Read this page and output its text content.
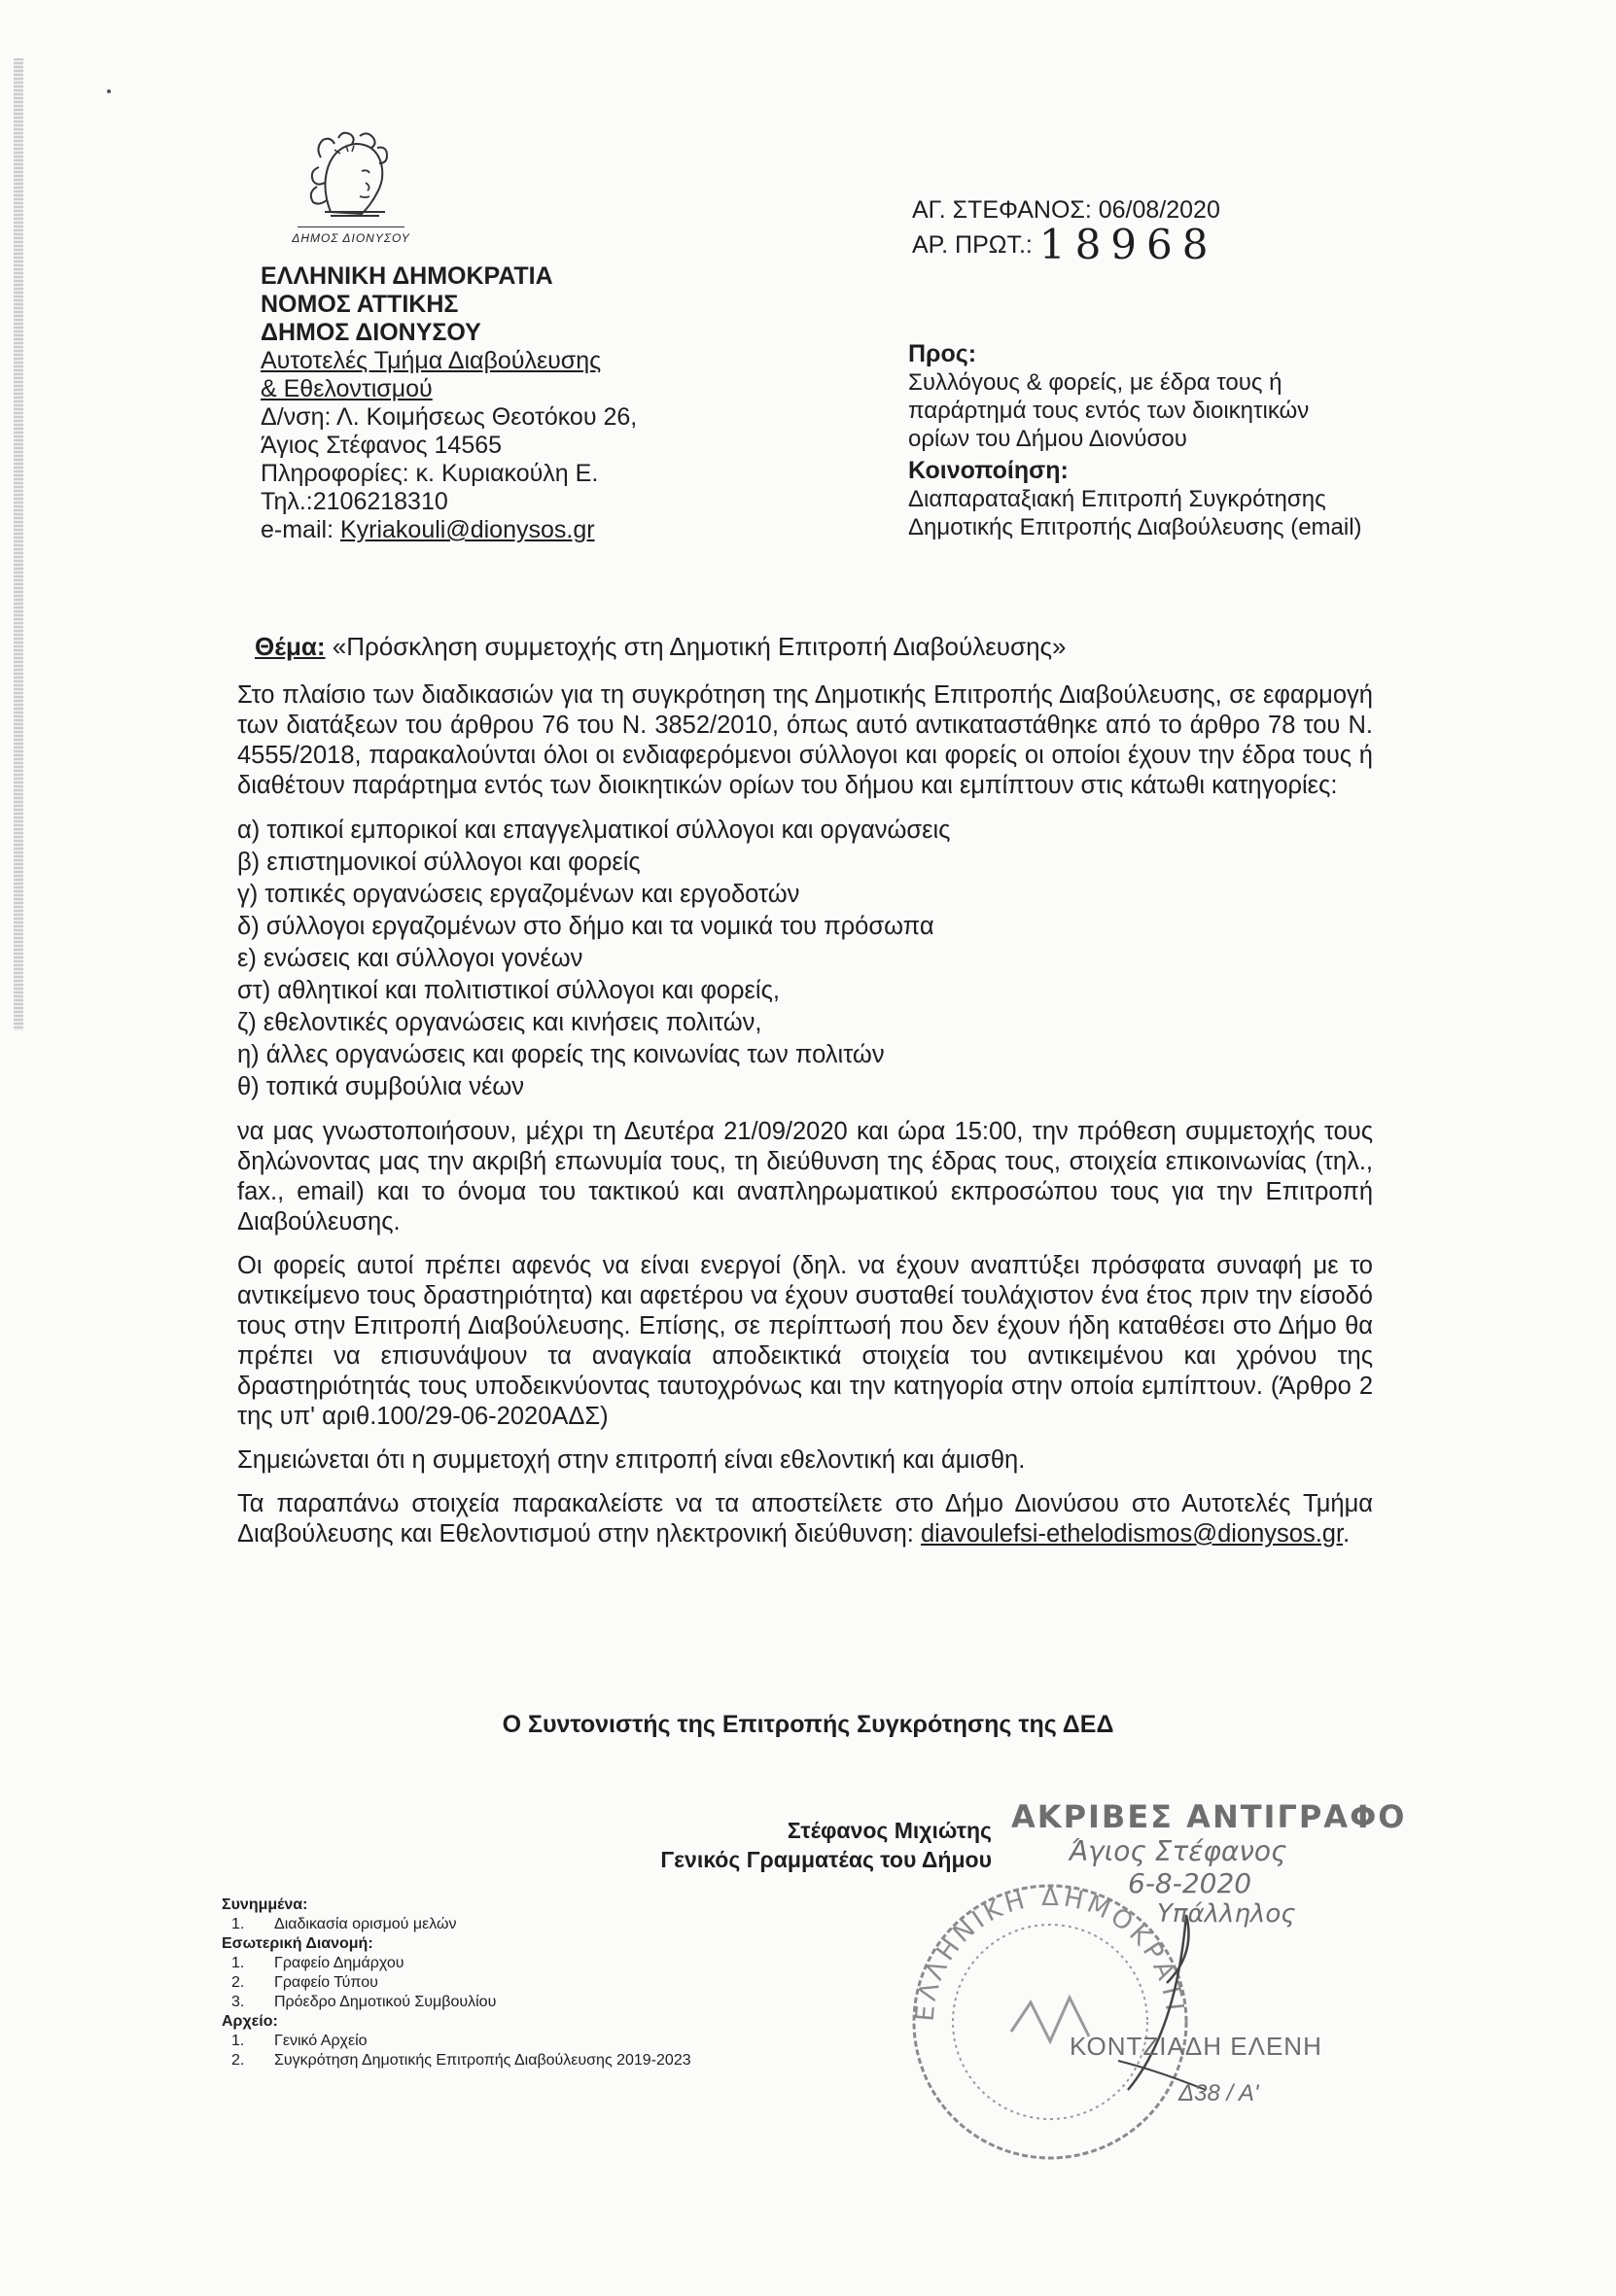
ΔΗΜΟΣ ΔΙΟΝΥΣΟΥ
ΕΛΛΗΝΙΚΗ ΔΗΜΟΚΡΑΤΙΑ
ΝΟΜΟΣ ΑΤΤΙΚΗΣ
ΔΗΜΟΣ ΔΙΟΝΥΣΟΥ
Αυτοτελές Τμήμα Διαβούλευσης
& Εθελοντισμού
Δ/νση: Λ. Κοιμήσεως Θεοτόκου 26,
Άγιος Στέφανος 14565
Πληροφορίες: κ. Κυριακούλη Ε.
Τηλ.:2106218310
e-mail: Kyriakouli@dionysos.gr
ΑΓ. ΣΤΕΦΑΝΟΣ: 06/08/2020
ΑΡ. ΠΡΩΤ.: 18968
Προς:
Συλλόγους & φορείς, με έδρα τους ή
παράρτημά τους εντός των διοικητικών
ορίων του Δήμου Διονύσου
Κοινοποίηση:
Διαπαραταξιακή Επιτροπή Συγκρότησης
Δημοτικής Επιτροπής Διαβούλευσης (email)
Θέμα: «Πρόσκληση συμμετοχής στη Δημοτική Επιτροπή Διαβούλευσης»

Στο πλαίσιο των διαδικασιών για τη συγκρότηση της Δημοτικής Επιτροπής Διαβούλευσης, σε εφαρμογή των διατάξεων του άρθρου 76 του Ν. 3852/2010, όπως αυτό αντικαταστάθηκε από το άρθρο 78 του Ν. 4555/2018, παρακαλούνται όλοι οι ενδιαφερόμενοι σύλλογοι και φορείς οι οποίοι έχουν την έδρα τους ή διαθέτουν παράρτημα εντός των διοικητικών ορίων του δήμου και εμπίπτουν στις κάτωθι κατηγορίες:

α) τοπικοί εμπορικοί και επαγγελματικοί σύλλογοι και οργανώσεις
β) επιστημονικοί σύλλογοι και φορείς
γ) τοπικές οργανώσεις εργαζομένων και εργοδοτών
δ) σύλλογοι εργαζομένων στο δήμο και τα νομικά του πρόσωπα
ε) ενώσεις και σύλλογοι γονέων
στ) αθλητικοί και πολιτιστικοί σύλλογοι και φορείς,
ζ) εθελοντικές οργανώσεις και κινήσεις πολιτών,
η) άλλες οργανώσεις και φορείς της κοινωνίας των πολιτών
θ) τοπικά συμβούλια νέων

να μας γνωστοποιήσουν, μέχρι τη Δευτέρα 21/09/2020 και ώρα 15:00, την πρόθεση συμμετοχής τους δηλώνοντας μας την ακριβή επωνυμία τους, τη διεύθυνση της έδρας τους, στοιχεία επικοινωνίας (τηλ., fax., email) και το όνομα του τακτικού και αναπληρωματικού εκπροσώπου τους για την Επιτροπή Διαβούλευσης.

Οι φορείς αυτοί πρέπει αφενός να είναι ενεργοί (δηλ. να έχουν αναπτύξει πρόσφατα συναφή με το αντικείμενο τους δραστηριότητα) και αφετέρου να έχουν συσταθεί τουλάχιστον ένα έτος πριν την είσοδό τους στην Επιτροπή Διαβούλευσης. Επίσης, σε περίπτωσή που δεν έχουν ήδη καταθέσει στο Δήμο θα πρέπει να επισυνάψουν τα αναγκαία αποδεικτικά στοιχεία του αντικειμένου και χρόνου της δραστηριότητάς τους υποδεικνύοντας ταυτοχρόνως και την κατηγορία στην οποία εμπίπτουν. (Άρθρο 2 της υπ' αριθ.100/29-06-2020ΑΔΣ)

Σημειώνεται ότι η συμμετοχή στην επιτροπή είναι εθελοντική και άμισθη.

Τα παραπάνω στοιχεία παρακαλείστε να τα αποστείλετε στο Δήμο Διονύσου στο Αυτοτελές Τμήμα Διαβούλευσης και Εθελοντισμού στην ηλεκτρονική διεύθυνση: diavoulefsi-ethelodismos@dionysos.gr.

Ο Συντονιστής της Επιτροπής Συγκρότησης της ΔΕΔ
Στέφανος Μιχιώτης
Γενικός Γραμματέας του Δήμου
ΕΛΛΗΝΙΚΗ ΔΗΜΟΚΡΑΤΙ
ΑΚΡΙΒΕΣ ΑΝΤΙΓΡΑΦΟ
Άγιος Στέφανος
6-8-2020
Υπάλληλος
ΚΟΝΤΖΙΑΔΗ ΕΛΕΝΗ
Δ38 / Α'
Συνημμένα:
1. Διαδικασία ορισμού μελών
Εσωτερική Διανομή:
1. Γραφείο Δημάρχου
2. Γραφείο Τύπου
3. Πρόεδρο Δημοτικού Συμβουλίου
Αρχείο:
1. Γενικό Αρχείο
2. Συγκρότηση Δημοτικής Επιτροπής Διαβούλευσης 2019-2023
